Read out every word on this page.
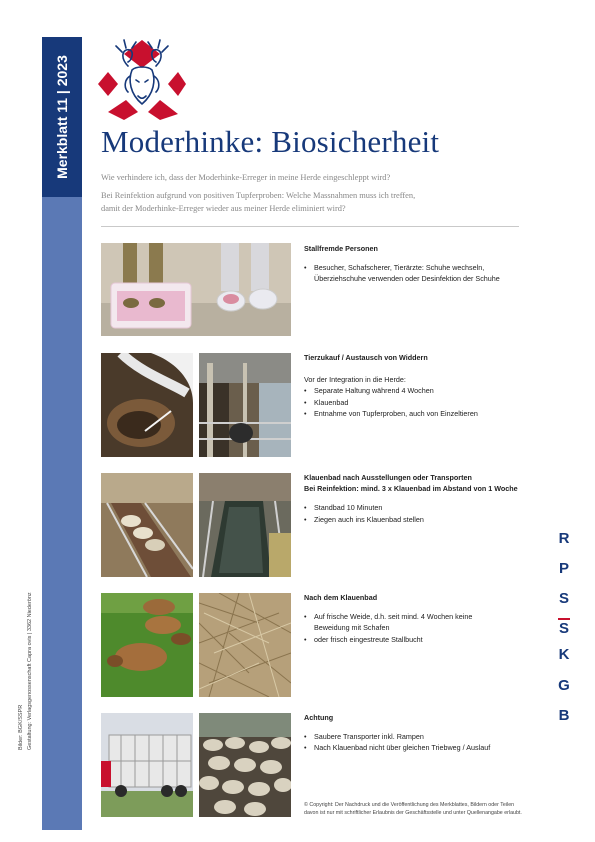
Merkblatt 11 | 2023
Bilder: BGK/SSPR Gestaltung: Verlagsgenossenschaft Capra ovis | 3362 Niederönz
Moderhinke: Biosicherheit
Wie verhindere ich, dass der Moderhinke-Erreger in meine Herde eingeschleppt wird?
Bei Reinfektion aufgrund von positiven Tupferproben: Welche Massnahmen muss ich treffen,
damit der Moderhinke-Erreger wieder aus meiner Herde eliminiert wird?
Stallfremde Personen
• Besucher, Schafscherer, Tierärzte: Schuhe wechseln,
Überziehschuhe verwenden oder Desinfektion der Schuhe
Tierzukauf / Austausch von Widdern
Vor der Integration in die Herde:
• Separate Haltung während 4 Wochen
• Klauenbad
• Entnahme von Tupferproben, auch von Einzeltieren
Klauenbad nach Ausstellungen oder Transporten
Bei Reinfektion: mind. 3 x Klauenbad im Abstand von 1 Woche
• Standbad 10 Minuten
• Ziegen auch ins Klauenbad stellen
Nach dem Klauenbad
• Auf frische Weide, d.h. seit mind. 4 Wochen keine
Beweidung mit Schafen
• oder frisch eingestreute Stallbucht
Achtung
• Saubere Transporter inkl. Rampen
• Nach Klauenbad nicht über gleichen Triebweg / Auslauf
B
G
K
S
S
P
R
© Copyright: Der Nachdruck und die Veröffentlichung des Merkblattes, Bildern oder Teilen
davon ist nur mit schriftlicher Erlaubnis der Geschäftsstelle und unter Quellenangabe erlaubt.
